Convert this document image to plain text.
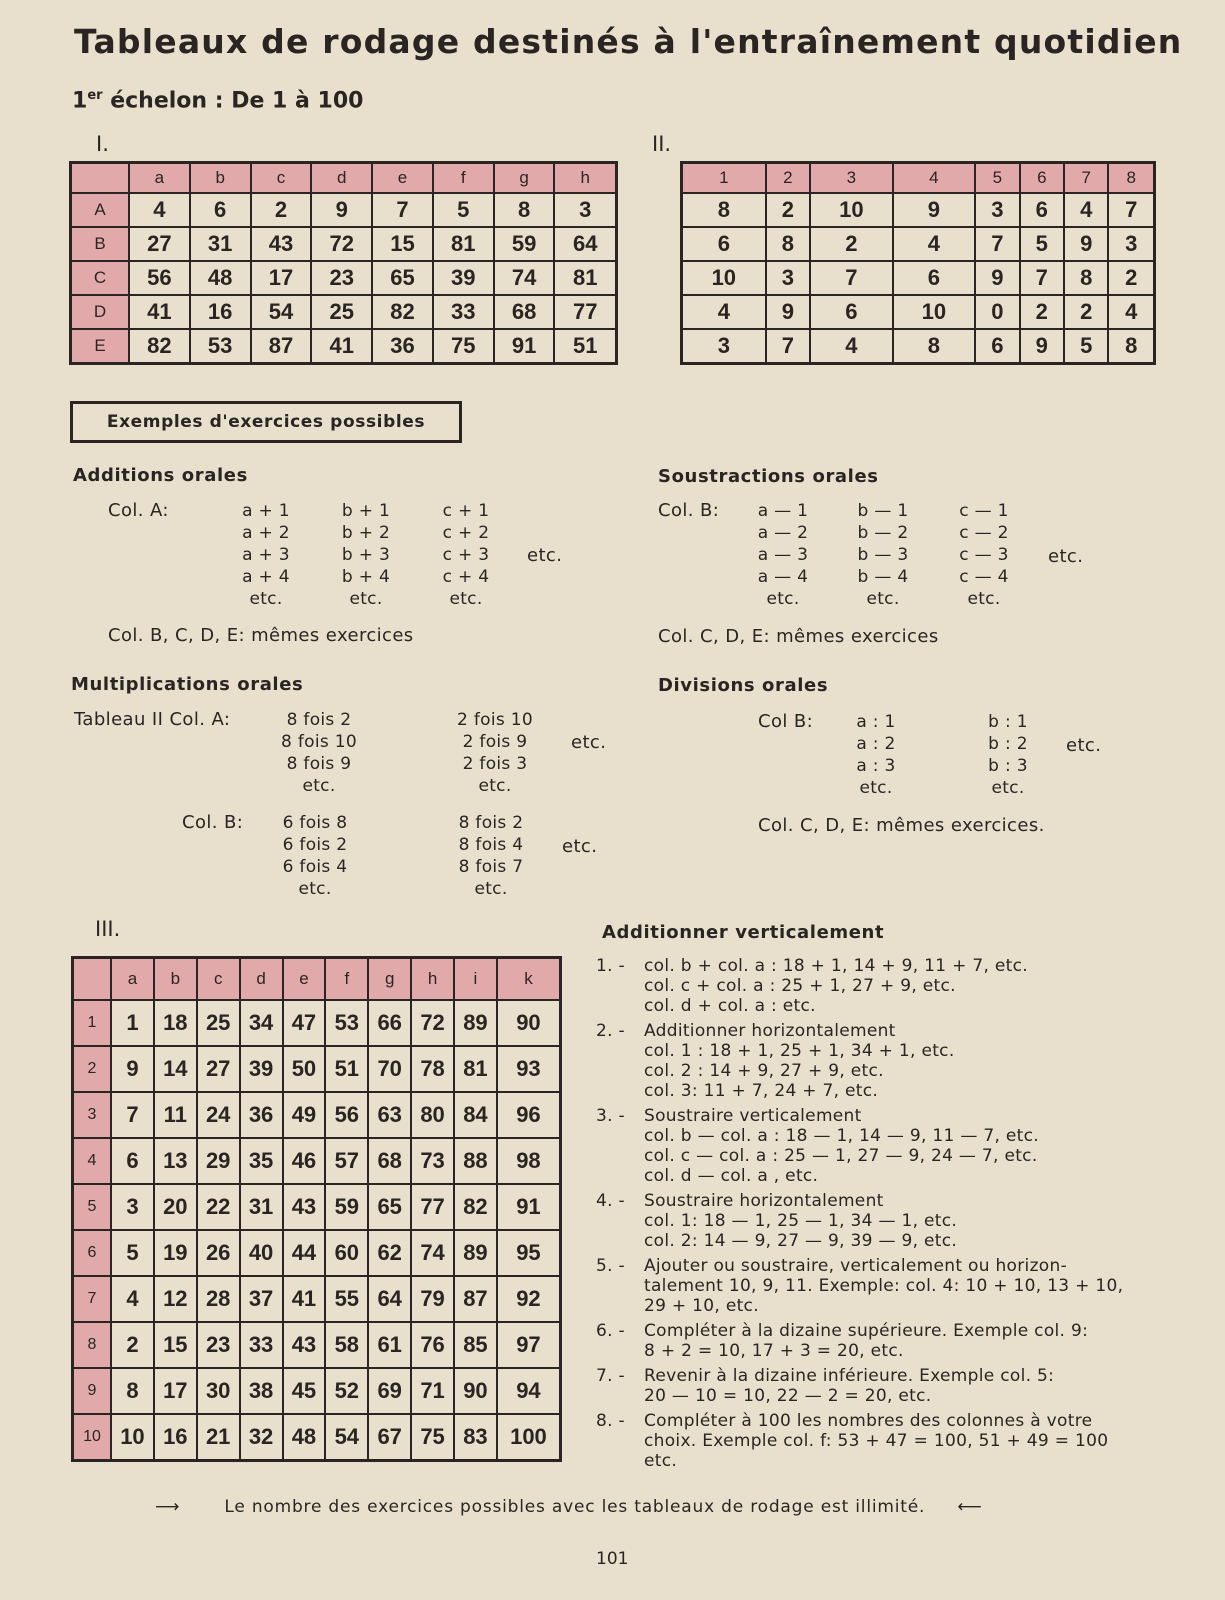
Tableaux de rodage destinés à l'entraînement quotidien
1er échelon : De 1 à 100
I.	II.
	a	b	c	d	e	f	g	h
A	4	6	2	9	7	5	8	3
B	27	31	43	72	15	81	59	64
C	56	48	17	23	65	39	74	81
D	41	16	54	25	82	33	68	77
E	82	53	87	41	36	75	91	51
1	2	3	4	5	6	7	8
8	2	10	9	3	6	4	7
6	8	2	4	7	5	9	3
10	3	7	6	9	7	8	2
4	9	6	10	0	2	2	4
3	7	4	8	6	9	5	8
Exemples d'exercices possibles
Additions orales
Col. A:	a + 1
a + 2
a + 3
a + 4
etc.
b + 1
b + 2
b + 3
b + 4
etc.
c + 1
c + 2
c + 3
c + 4
etc.
etc.
Col. B, C, D, E: mêmes exercices
Soustractions orales
Col. B:	a — 1
a — 2
a — 3
a — 4
etc.
b — 1
b — 2
b — 3
b — 4
etc.
c — 1
c — 2
c — 3
c — 4
etc.
etc.
Col. C, D, E: mêmes exercices
Multiplications orales
Tableau II Col. A:	8 fois 2
8 fois 10
8 fois 9
etc.
2 fois 10
2 fois 9
2 fois 3
etc.
etc.
Col. B:	6 fois 8
6 fois 2
6 fois 4
etc.
8 fois 2
8 fois 4
8 fois 7
etc.
etc.
Divisions orales
Col B:	a : 1
a : 2
a : 3
etc.
b : 1
b : 2
b : 3
etc.
etc.
Col. C, D, E: mêmes exercices.
III.
	a	b	c	d	e	f	g	h	i	k
1	1	18	25	34	47	53	66	72	89	90
2	9	14	27	39	50	51	70	78	81	93
3	7	11	24	36	49	56	63	80	84	96
4	6	13	29	35	46	57	68	73	88	98
5	3	20	22	31	43	59	65	77	82	91
6	5	19	26	40	44	60	62	74	89	95
7	4	12	28	37	41	55	64	79	87	92
8	2	15	23	33	43	58	61	76	85	97
9	8	17	30	38	45	52	69	71	90	94
10	10	16	21	32	48	54	67	75	83	100
Additionner verticalement
1. - col. b + col. a : 18 + 1, 14 + 9, 11 + 7, etc.
col. c + col. a : 25 + 1, 27 + 9, etc.
col. d + col. a : etc.
2. - Additionner horizontalement
col. 1 : 18 + 1, 25 + 1, 34 + 1, etc.
col. 2 : 14 + 9, 27 + 9, etc.
col. 3: 11 + 7, 24 + 7, etc.
3. - Soustraire verticalement
col. b — col. a : 18 — 1, 14 — 9, 11 — 7, etc.
col. c — col. a : 25 — 1, 27 — 9, 24 — 7, etc.
col. d — col. a , etc.
4. - Soustraire horizontalement
col. 1: 18 — 1, 25 — 1, 34 — 1, etc.
col. 2: 14 — 9, 27 — 9, 39 — 9, etc.
5. - Ajouter ou soustraire, verticalement ou horizon-
talement 10, 9, 11. Exemple: col. 4: 10 + 10, 13 + 10,
29 + 10, etc.
6. - Compléter à la dizaine supérieure. Exemple col. 9:
8 + 2 = 10, 17 + 3 = 20, etc.
7. - Revenir à la dizaine inférieure. Exemple col. 5:
20 — 10 = 10, 22 — 2 = 20, etc.
8. - Compléter à 100 les nombres des colonnes à votre
choix. Exemple col. f: 53 + 47 = 100, 51 + 49 = 100
etc.
⟶	Le nombre des exercices possibles avec les tableaux de rodage est illimité. ⟵
101
